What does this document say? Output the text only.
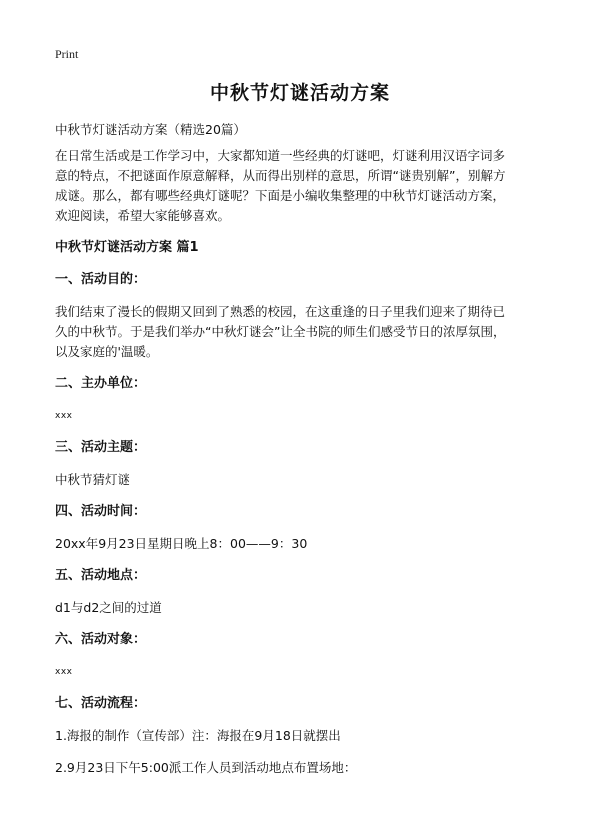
Print
中秋节灯谜活动方案

中秋节灯谜活动方案（精选20篇）

在日常生活或是工作学习中，大家都知道一些经典的灯谜吧，灯谜利用汉语字词多

意的特点，不把谜面作原意解释，从而得出别样的意思，所谓“谜贵别解”，别解方

成谜。那么，都有哪些经典灯谜呢？下面是小编收集整理的中秋节灯谜活动方案，

欢迎阅读，希望大家能够喜欢。

中秋节灯谜活动方案 篇1

一、活动目的：

我们结束了漫长的假期又回到了熟悉的校园，在这重逢的日子里我们迎来了期待已

久的中秋节。于是我们举办“中秋灯谜会”让全书院的师生们感受节日的浓厚氛围，

以及家庭的'温暖。

二、主办单位：

xxx

三、活动主题：

中秋节猜灯谜

四、活动时间：

20xx年9月23日星期日晚上8：00——9：30

五、活动地点：

d1与d2之间的过道

六、活动对象：

xxx

七、活动流程：

1.海报的制作（宣传部）注：海报在9月18日就摆出

2.9月23日下午5:00派工作人员到活动地点布置场地：
